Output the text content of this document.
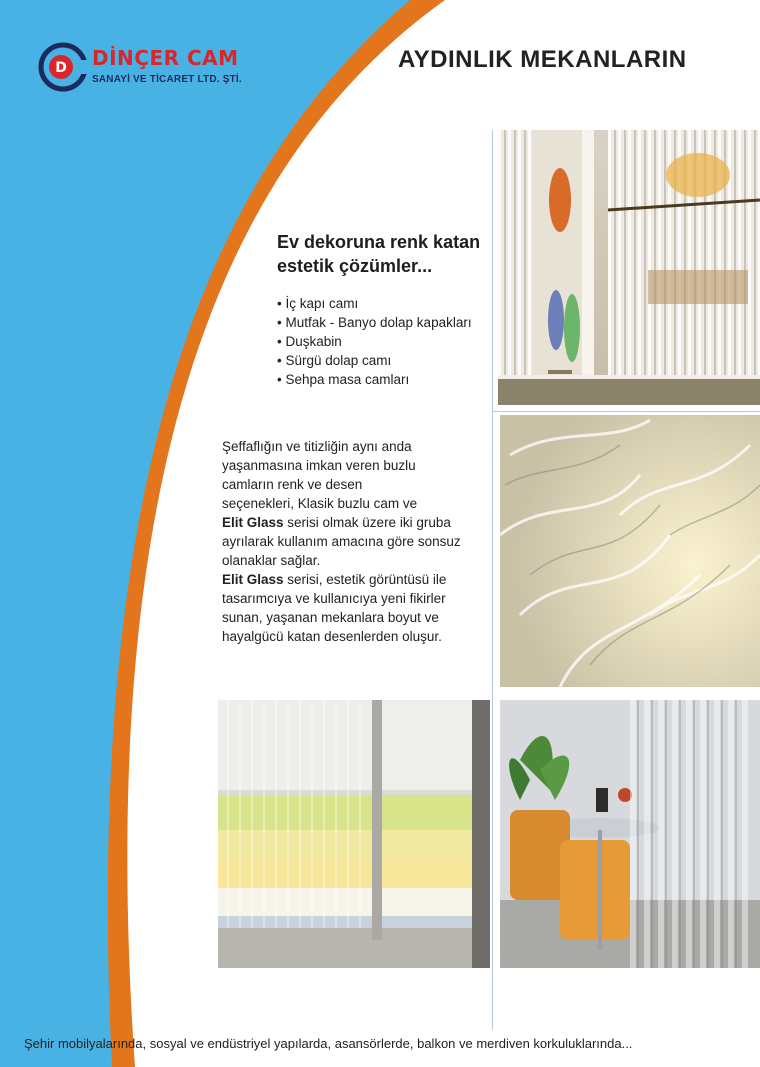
D DİNÇER CAM
SANAYİ VE TİCARET LTD. ŞTİ.
AYDINLIK MEKANLARIN
Ev dekoruna renk katan
estetik çözümler...
• İç kapı camı
• Mutfak - Banyo dolap kapakları
• Duşkabin
• Sürgü dolap camı
• Sehpa masa camları
Şeffaflığın ve titizliğin aynı anda
yaşanmasına imkan veren buzlu
camların renk ve desen
seçenekleri, Klasik buzlu cam ve
Elit Glass serisi olmak üzere iki gruba
ayrılarak kullanım amacına göre sonsuz
olanaklar sağlar.
Elit Glass serisi, estetik görüntüsü ile
tasarımcıya ve kullanıcıya yeni fikirler
sunan, yaşanan mekanlara boyut ve
hayalgücü katan desenlerden oluşur.
Şehir mobilyalarında, sosyal ve endüstriyel yapılarda, asansörlerde, balkon ve merdiven korkuluklarında...
